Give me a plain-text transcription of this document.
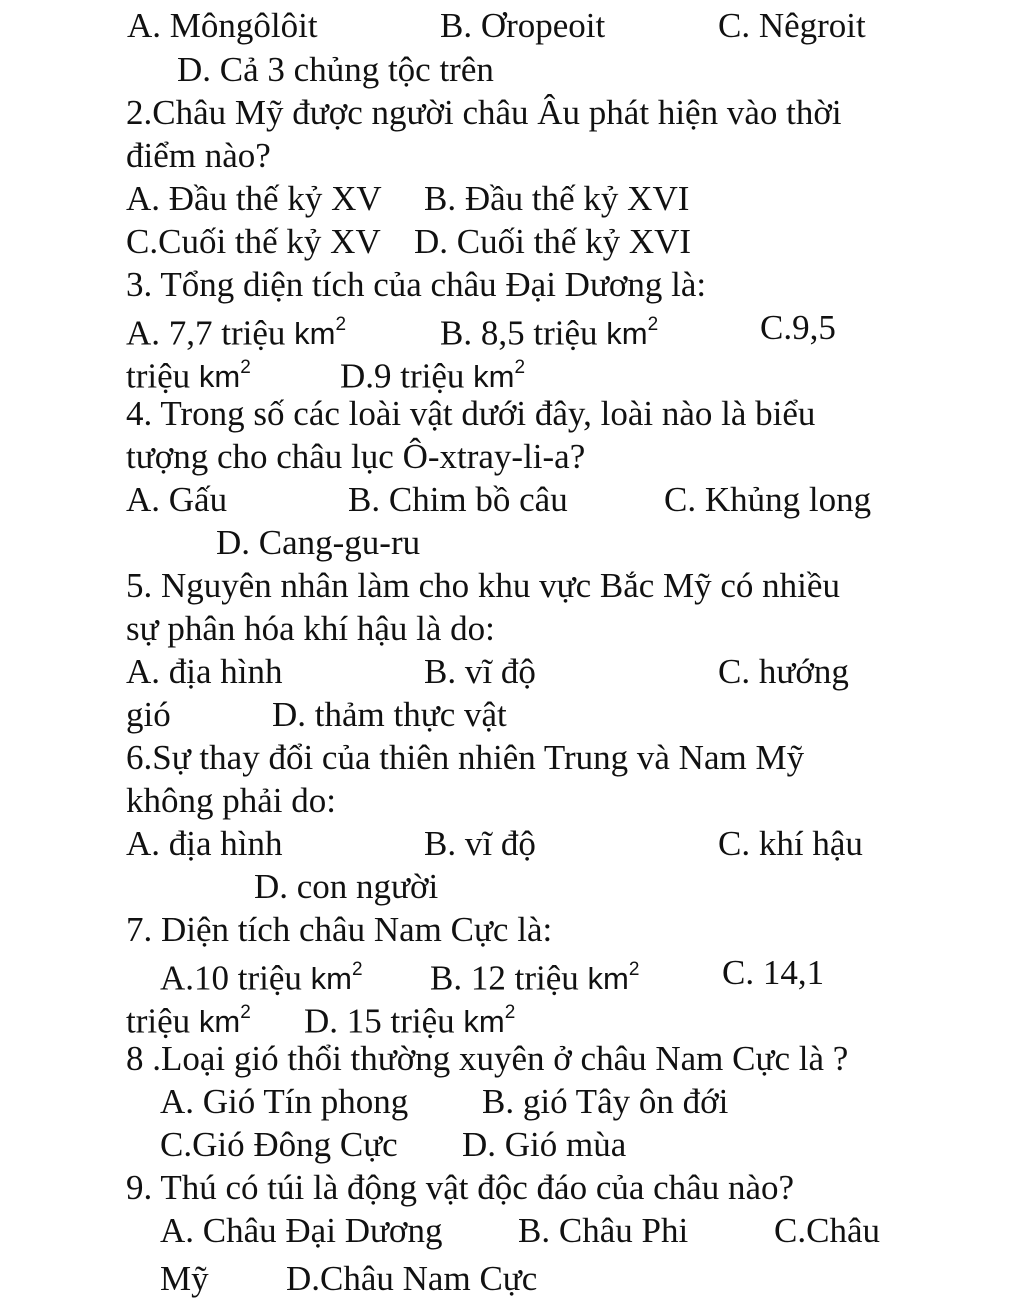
A. Môngôlôit	B. Ơropeoit	C. Nêgroit
D. Cả 3 chủng tộc trên
2.Châu Mỹ được người châu Âu phát hiện vào thời
điểm nào?
A. Đầu thế kỷ XV B. Đầu thế kỷ XVI
C.Cuối thế kỷ XV D. Cuối thế kỷ XVI
3. Tổng diện tích của châu Đại Dương là:
A. 7,7 triệu $km^2$	B. 8,5 triệu $km^2$	C.9,5
triệu $km^2$	D.9 triệu $km^2$
4. Trong số các loài vật dưới đây, loài nào là biểu
tượng cho châu lục Ô-xtray-li-a?
A. Gấu	B. Chim bồ câu	C. Khủng long
D. Cang-gu-ru
5. Nguyên nhân làm cho khu vực Bắc Mỹ có nhiều
sự phân hóa khí hậu là do:
A. địa hình	B. vĩ độ	C. hướng
gió	D. thảm thực vật
6.Sự thay đổi của thiên nhiên Trung và Nam Mỹ
không phải do:
A. địa hình	B. vĩ độ	C. khí hậu
D. con người
7. Diện tích châu Nam Cực là:
A.10 triệu $km^2$ B. 12 triệu $km^2$ C. 14,1
triệu $km^2$ D. 15 triệu $km^2$
8 .Loại gió thổi thường xuyên ở châu Nam Cực là ?
A. Gió Tín phong B. gió Tây ôn đới
C.Gió Đông Cực D. Gió mùa
9. Thú có túi là động vật độc đáo của châu nào?
A. Châu Đại Dương B. Châu Phi C.Châu
Mỹ D.Châu Nam Cực
